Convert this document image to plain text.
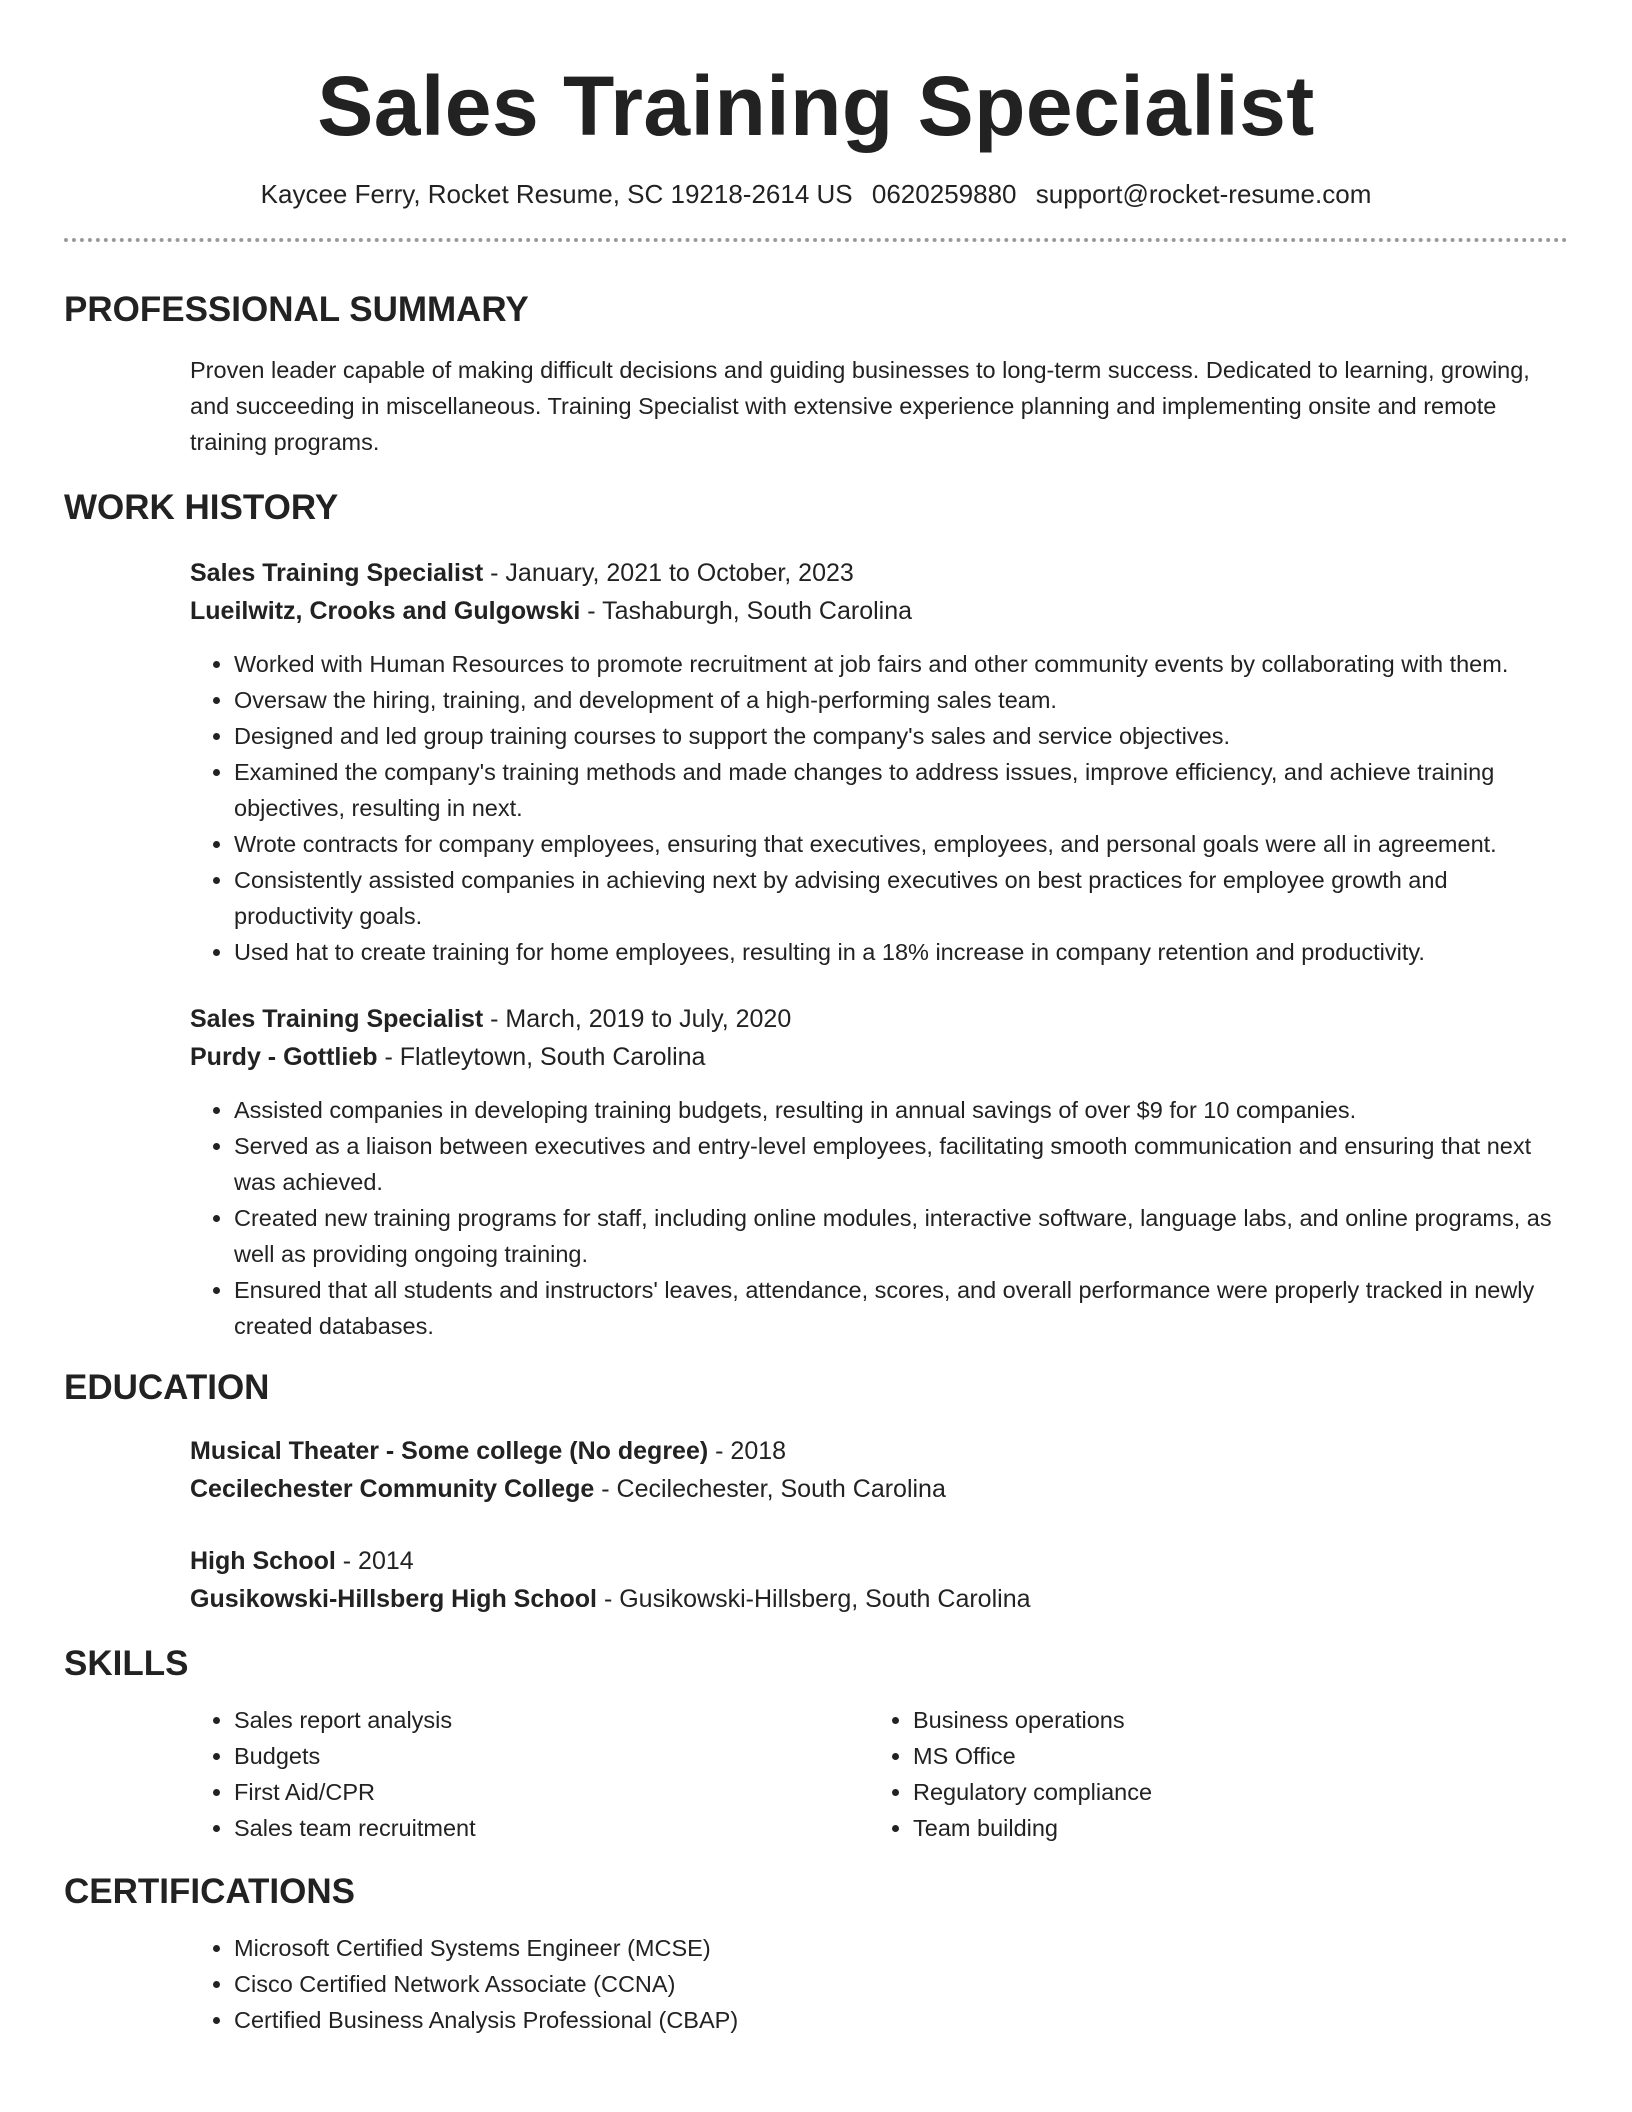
Sales Training Specialist
Kaycee Ferry, Rocket Resume, SC 19218-2614 US 0620259880 support@rocket-resume.com
PROFESSIONAL SUMMARY

Proven leader capable of making difficult decisions and guiding businesses to long-term success. Dedicated to learning, growing, and succeeding in miscellaneous. Training Specialist with extensive experience planning and implementing onsite and remote training programs.

WORK HISTORY
Sales Training Specialist - January, 2021 to October, 2023
Lueilwitz, Crooks and Gulgowski - Tashaburgh, South Carolina
• Worked with Human Resources to promote recruitment at job fairs and other community events by collaborating with them.
• Oversaw the hiring, training, and development of a high-performing sales team.
• Designed and led group training courses to support the company's sales and service objectives.
• Examined the company's training methods and made changes to address issues, improve efficiency, and achieve training objectives, resulting in next.
• Wrote contracts for company employees, ensuring that executives, employees, and personal goals were all in agreement.
• Consistently assisted companies in achieving next by advising executives on best practices for employee growth and productivity goals.
• Used hat to create training for home employees, resulting in a 18% increase in company retention and productivity.
Sales Training Specialist - March, 2019 to July, 2020
Purdy - Gottlieb - Flatleytown, South Carolina
• Assisted companies in developing training budgets, resulting in annual savings of over $9 for 10 companies.
• Served as a liaison between executives and entry-level employees, facilitating smooth communication and ensuring that next was achieved.
• Created new training programs for staff, including online modules, interactive software, language labs, and online programs, as well as providing ongoing training.
• Ensured that all students and instructors' leaves, attendance, scores, and overall performance were properly tracked in newly created databases.
EDUCATION
Musical Theater - Some college (No degree) - 2018
Cecilechester Community College - Cecilechester, South Carolina
High School - 2014
Gusikowski-Hillsberg High School - Gusikowski-Hillsberg, South Carolina
SKILLS
• Sales report analysis
• Budgets
• First Aid/CPR
• Sales team recruitment
• Business operations
• MS Office
• Regulatory compliance
• Team building
CERTIFICATIONS
• Microsoft Certified Systems Engineer (MCSE)
• Cisco Certified Network Associate (CCNA)
• Certified Business Analysis Professional (CBAP)
